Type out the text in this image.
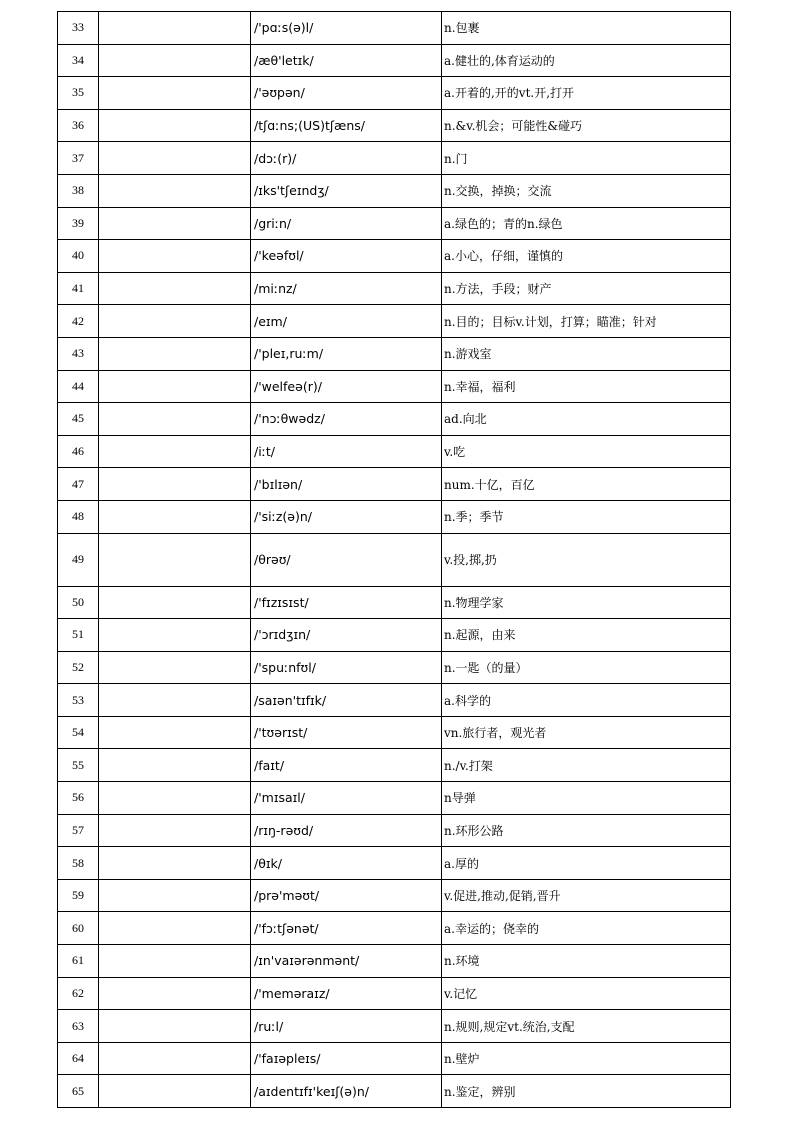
33		/'pɑːs(ə)l/	n.包裹
34		/æθ'letɪk/	a.健壮的,体育运动的
35		/'əʊpən/	a.开着的,开的vt.开,打开
36		/tʃɑːns;(US)tʃæns/	n.&v.机会；可能性&碰巧
37		/dɔː(r)/	n.门
38		/ɪks'tʃeɪndʒ/	n.交换，掉换；交流
39		/griːn/	a.绿色的；青的n.绿色
40		/'keəfʊl/	a.小心，仔细，谨慎的
41		/miːnz/	n.方法，手段；财产
42		/eɪm/	n.目的；目标v.计划，打算；瞄准；针对
43		/'pleɪ,ruːm/	n.游戏室
44		/'welfeə(r)/	n.幸福，福利
45		/'nɔːθwədz/	ad.向北
46		/iːt/	v.吃
47		/'bɪlɪən/	num.十亿，百亿
48		/'siːz(ə)n/	n.季；季节
49		/θrəʊ/	v.投,掷,扔
50		/'fɪzɪsɪst/	n.物理学家
51		/'ɔrɪdʒɪn/	n.起源，由来
52		/'spuːnfʊl/	n.一匙（的量）
53		/saɪən'tɪfɪk/	a.科学的
54		/'tʊərɪst/	vn.旅行者，观光者
55		/faɪt/	n./v.打架
56		/'mɪsaɪl/	n导弹
57		/rɪŋ-rəʊd/	n.环形公路
58		/θɪk/	a.厚的
59		/prə'məʊt/	v.促进,推动,促销,晋升
60		/'fɔːtʃənət/	a.幸运的；侥幸的
61		/ɪn'vaɪərənmənt/	n.环境
62		/'memәraɪz/	v.记忆
63		/ruːl/	n.规则,规定vt.统治,支配
64		/'faɪəpleɪs/	n.壁炉
65		/aɪdentɪfɪ'keɪʃ(ə)n/	n.鉴定，辨别
